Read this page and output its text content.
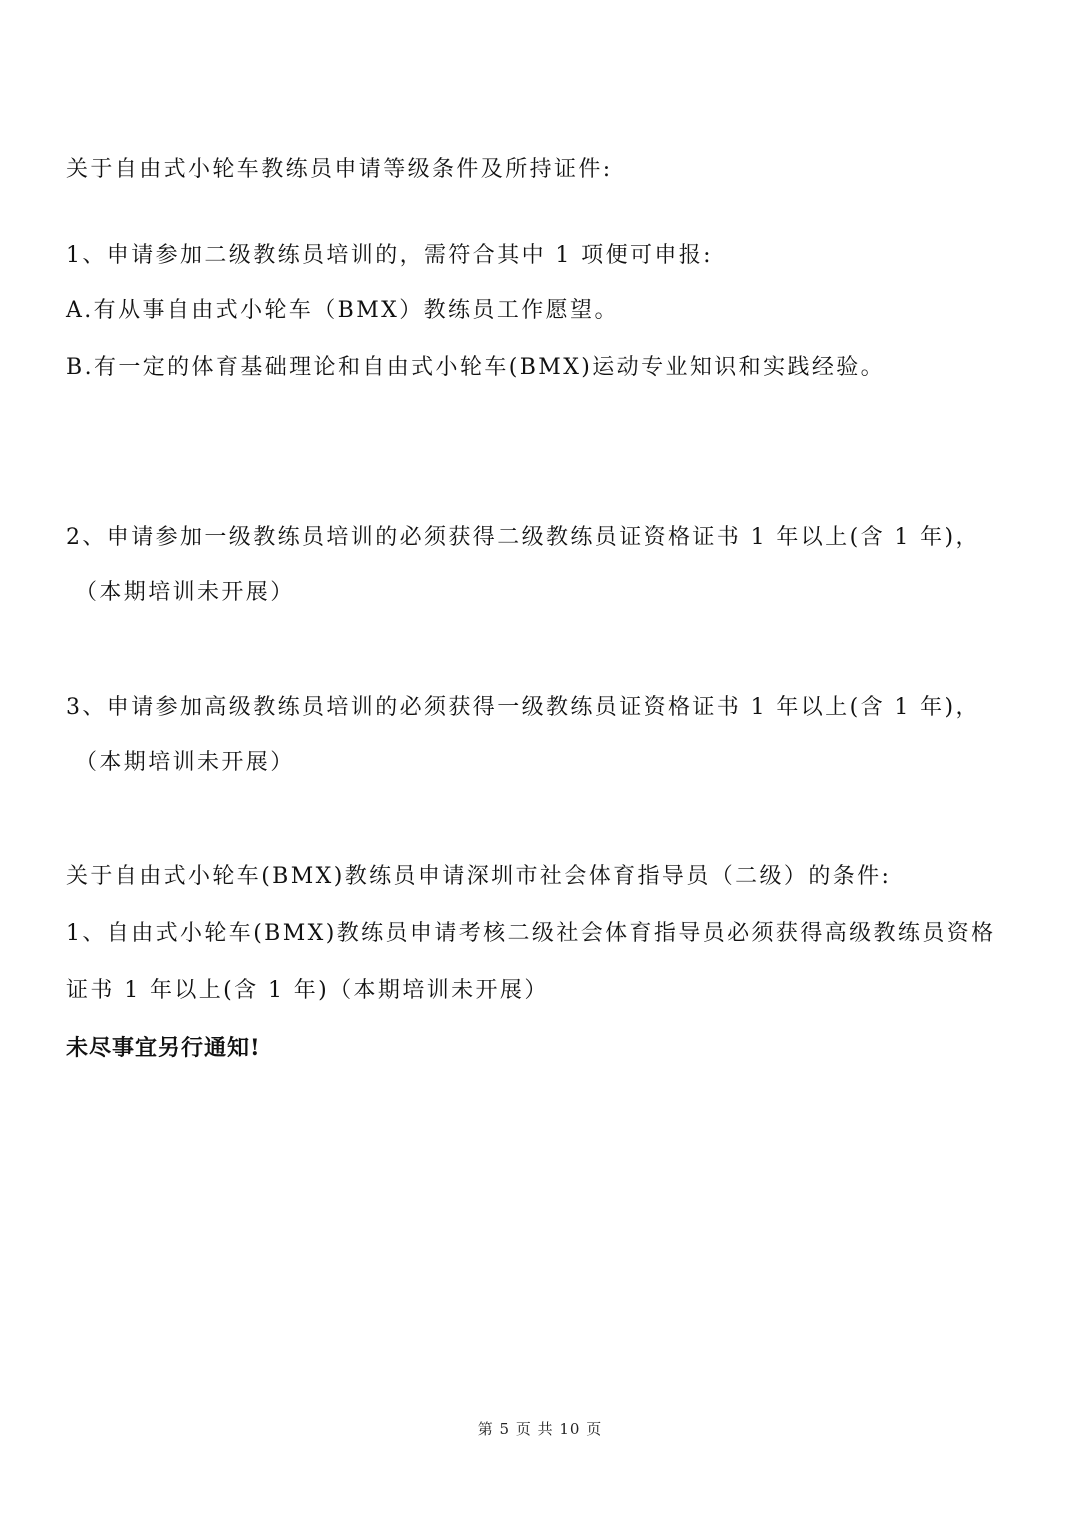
关于自由式小轮车教练员申请等级条件及所持证件:
1、申请参加二级教练员培训的，需符合其中 1 项便可申报:
A.有从事自由式小轮车（BMX）教练员工作愿望。
B.有一定的体育基础理论和自由式小轮车(BMX)运动专业知识和实践经验。
2、申请参加一级教练员培训的必须获得二级教练员证资格证书 1 年以上(含 1 年)，
（本期培训未开展）
3、申请参加高级教练员培训的必须获得一级教练员证资格证书 1 年以上(含 1 年)，
（本期培训未开展）
关于自由式小轮车(BMX)教练员申请深圳市社会体育指导员（二级）的条件:
1、自由式小轮车(BMX)教练员申请考核二级社会体育指导员必须获得高级教练员资格
证书 1 年以上(含 1 年)（本期培训未开展）
未尽事宜另行通知!
第 5 页 共 10 页
